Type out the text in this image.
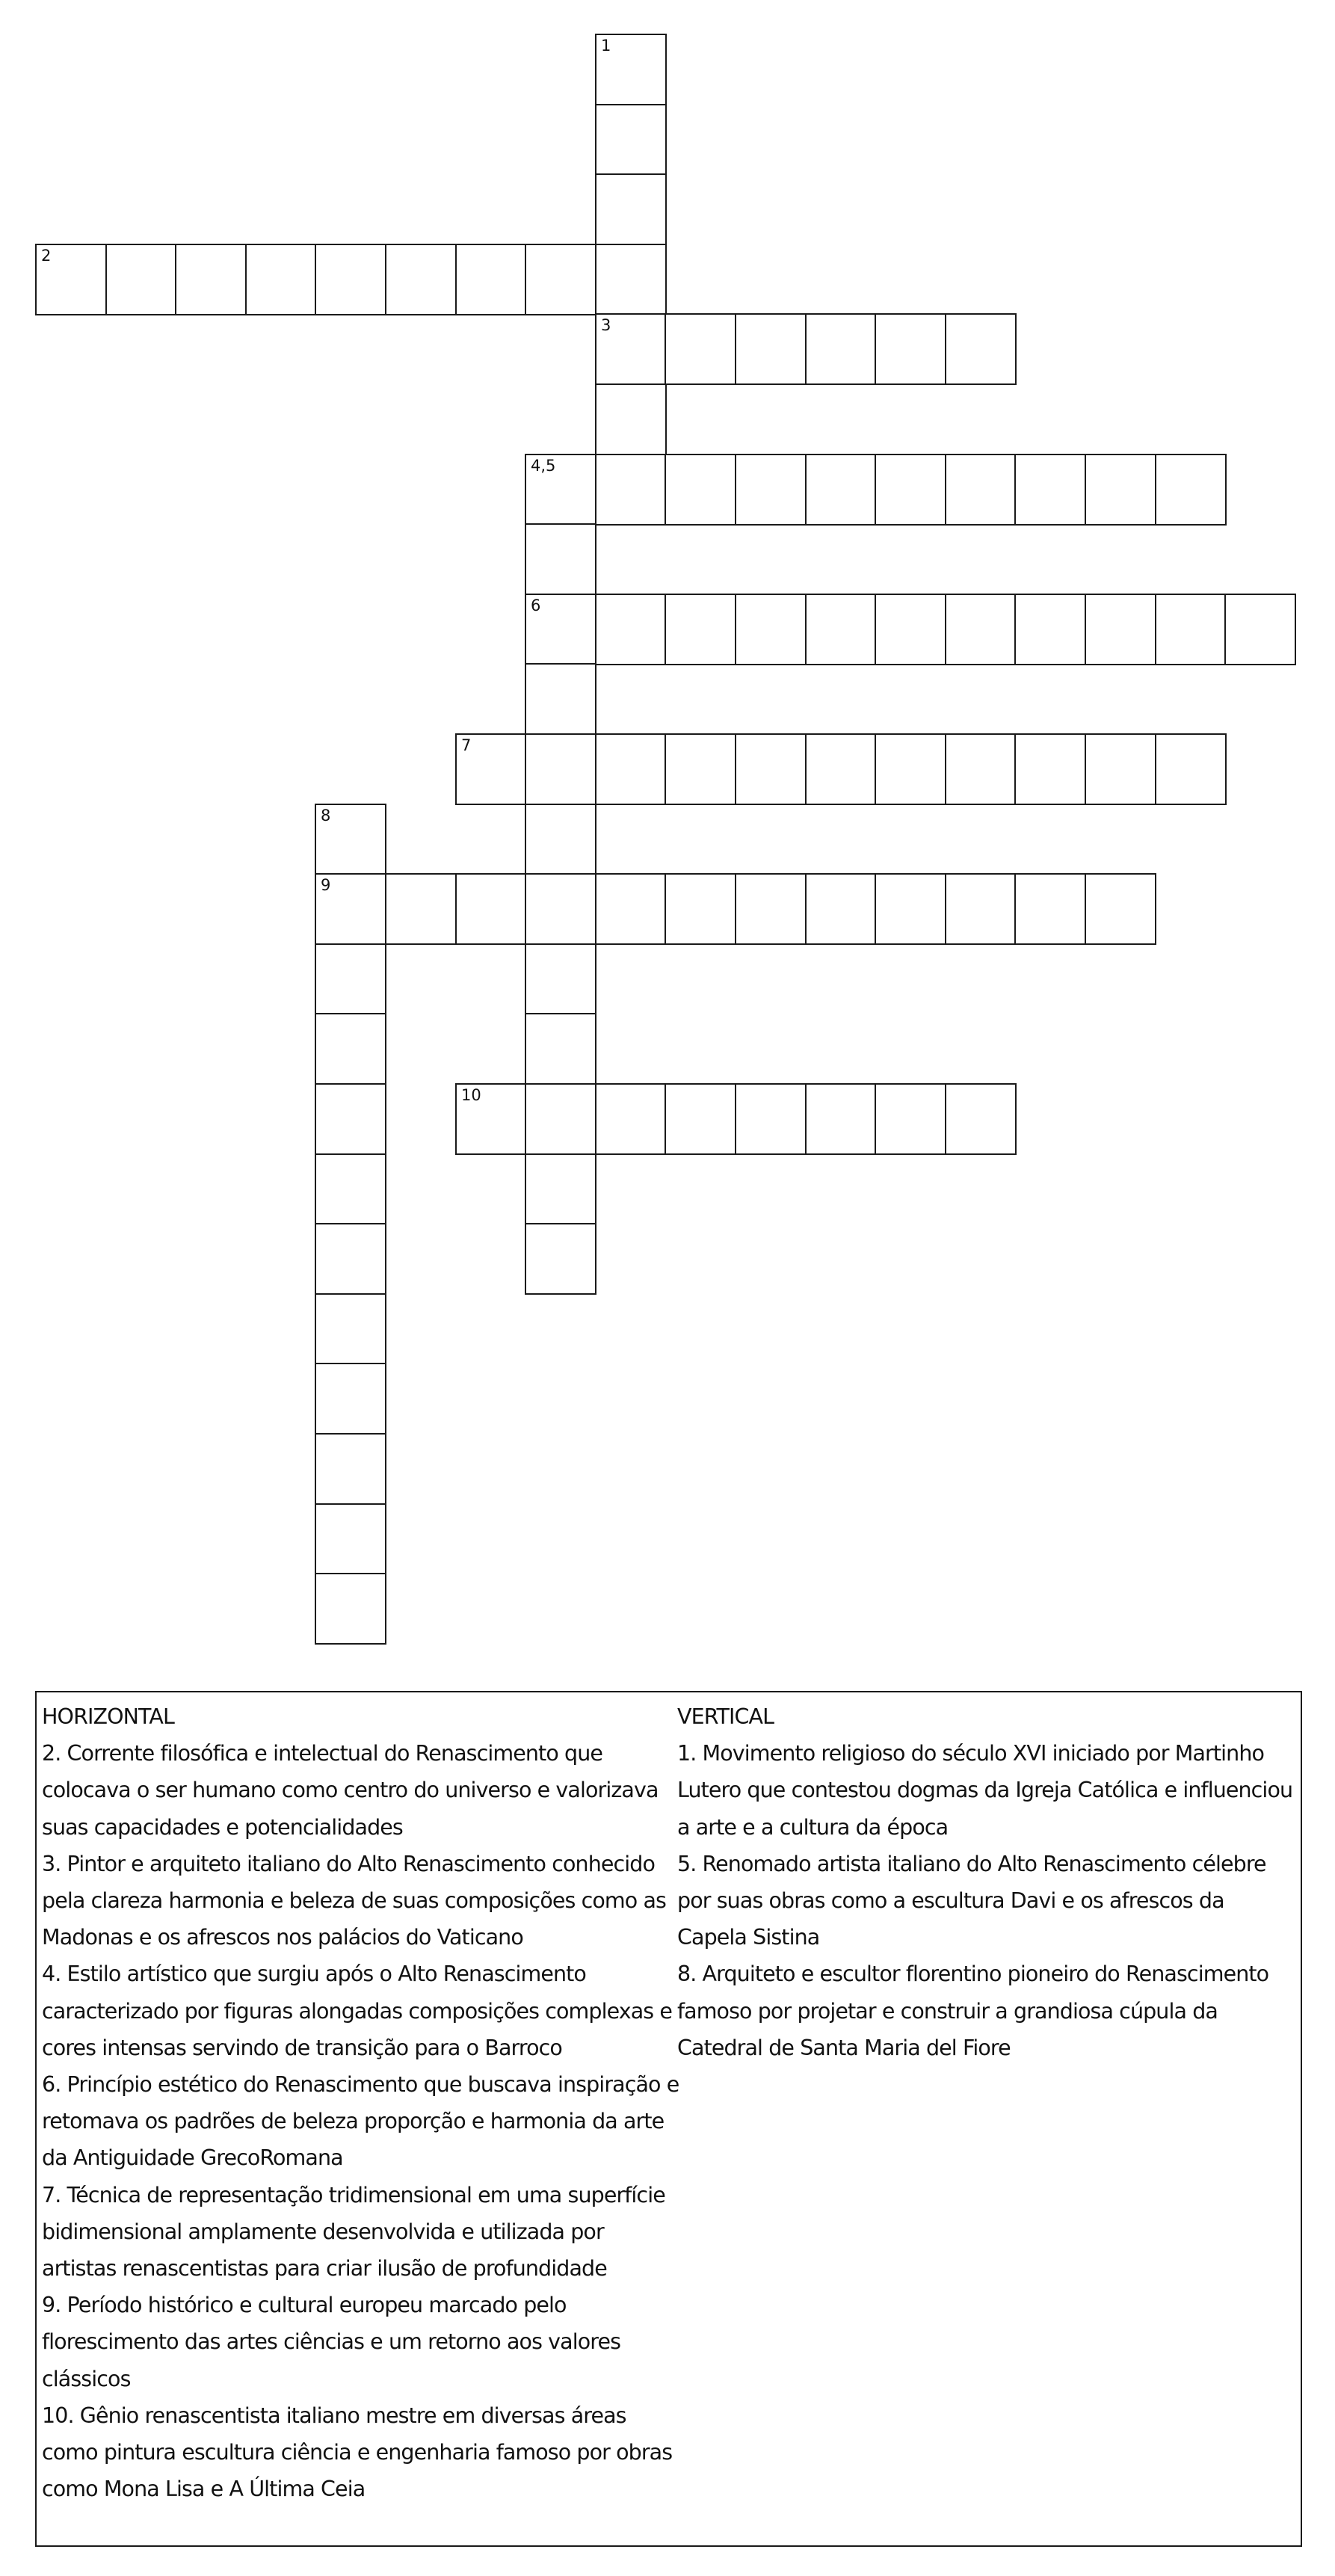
1
2
3
4,5
6
7
8
9
10
HORIZONTAL

2. Corrente filosófica e intelectual do Renascimento que colocava o ser humano como centro do universo e valorizava suas capacidades e potencialidades

3. Pintor e arquiteto italiano do Alto Renascimento conhecido pela clareza harmonia e beleza de suas composições como as Madonas e os afrescos nos palácios do Vaticano

4. Estilo artístico que surgiu após o Alto Renascimento caracterizado por figuras alongadas composições complexas e cores intensas servindo de transição para o Barroco

6. Princípio estético do Renascimento que buscava inspiração e retomava os padrões de beleza proporção e harmonia da arte da Antiguidade GrecoRomana

7. Técnica de representação tridimensional em uma superfície bidimensional amplamente desenvolvida e utilizada por artistas renascentistas para criar ilusão de profundidade

9. Período histórico e cultural europeu marcado pelo florescimento das artes ciências e um retorno aos valores clássicos

10. Gênio renascentista italiano mestre em diversas áreas como pintura escultura ciência e engenharia famoso por obras como Mona Lisa e A Última Ceia

VERTICAL

1. Movimento religioso do século XVI iniciado por Martinho Lutero que contestou dogmas da Igreja Católica e influenciou a arte e a cultura da época

5. Renomado artista italiano do Alto Renascimento célebre por suas obras como a escultura Davi e os afrescos da Capela Sistina

8. Arquiteto e escultor florentino pioneiro do Renascimento famoso por projetar e construir a grandiosa cúpula da Catedral de Santa Maria del Fiore
